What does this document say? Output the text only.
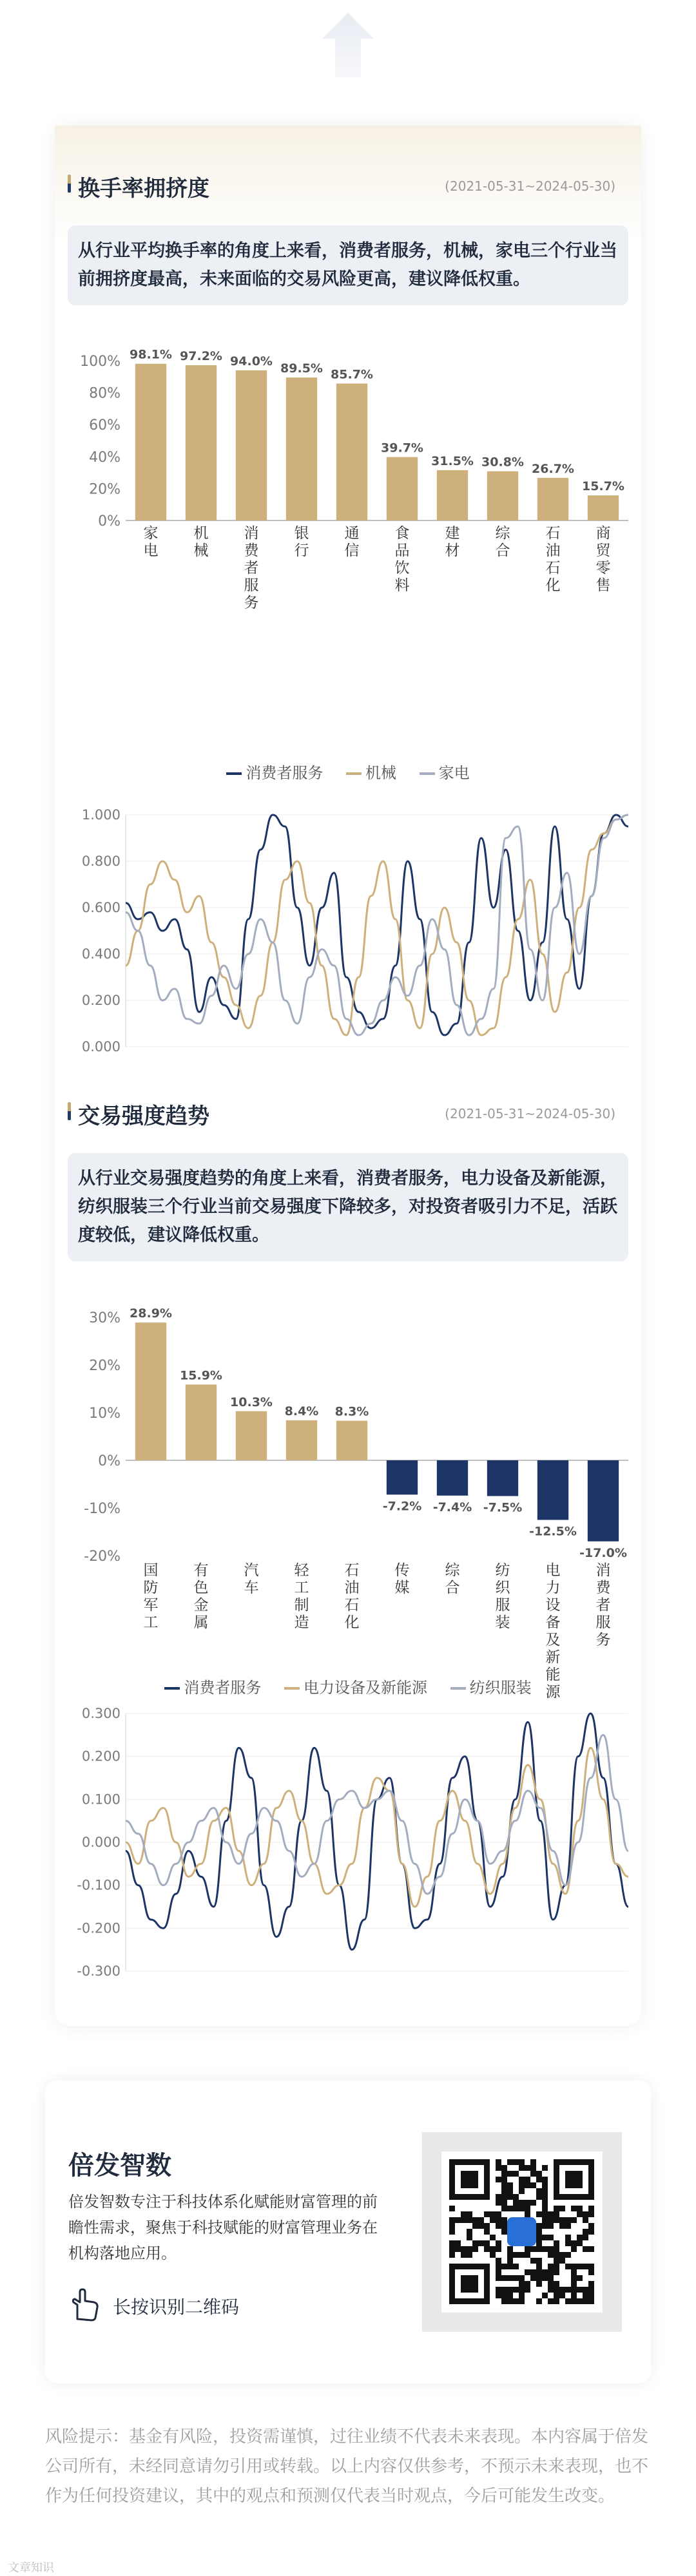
换手率拥挤度	(2021-05-31~2024-05-30)
从行业平均换手率的角度上来看，消费者服务，机械，家电三个行业当前拥挤度最高，未来面临的交易风险更高，建议降低权重。
100%
80%
60%
40%
20%
0%
98.1%
家
电
97.2%
机
械
94.0%
消
费
者
服
务
89.5%
银
行
85.7%
通
信
39.7%
食
品
饮
料
31.5%
建
材
30.8%
综
合
26.7%
石
油
石
化
15.7%
商
贸
零
售
消费者服务	机械	家电
1.000
0.800
0.600
0.400
0.200
0.000
交易强度趋势	(2021-05-31~2024-05-30)
从行业交易强度趋势的角度上来看，消费者服务，电力设备及新能源，纺织服装三个行业当前交易强度下降较多，对投资者吸引力不足，活跃度较低，建议降低权重。
30%
20%
10%
0%
-10%
-20%
28.9%
国
防
军
工
15.9%
有
色
金
属
10.3%
汽
车
8.4%
轻
工
制
造
8.3%
石
油
石
化
-7.2%
传
媒
-7.4%
综
合
-7.5%
纺
织
服
装
-12.5%
电
力
设
备
及
新
能
源
-17.0%
消
费
者
服
务
消费者服务	电力设备及新能源	纺织服装
0.300
0.200
0.100
0.000
-0.100
-0.200
-0.300
倍发智数
倍发智数专注于科技体系化赋能财富管理的前瞻性需求，聚焦于科技赋能的财富管理业务在机构落地应用。
长按识别二维码
风险提示：基金有风险，投资需谨慎，过往业绩不代表未来表现。本内容属于倍发公司所有，未经同意请勿引用或转载。以上内容仅供参考，不预示未来表现，也不作为任何投资建议，其中的观点和预测仅代表当时观点，今后可能发生改变。
文章知识
